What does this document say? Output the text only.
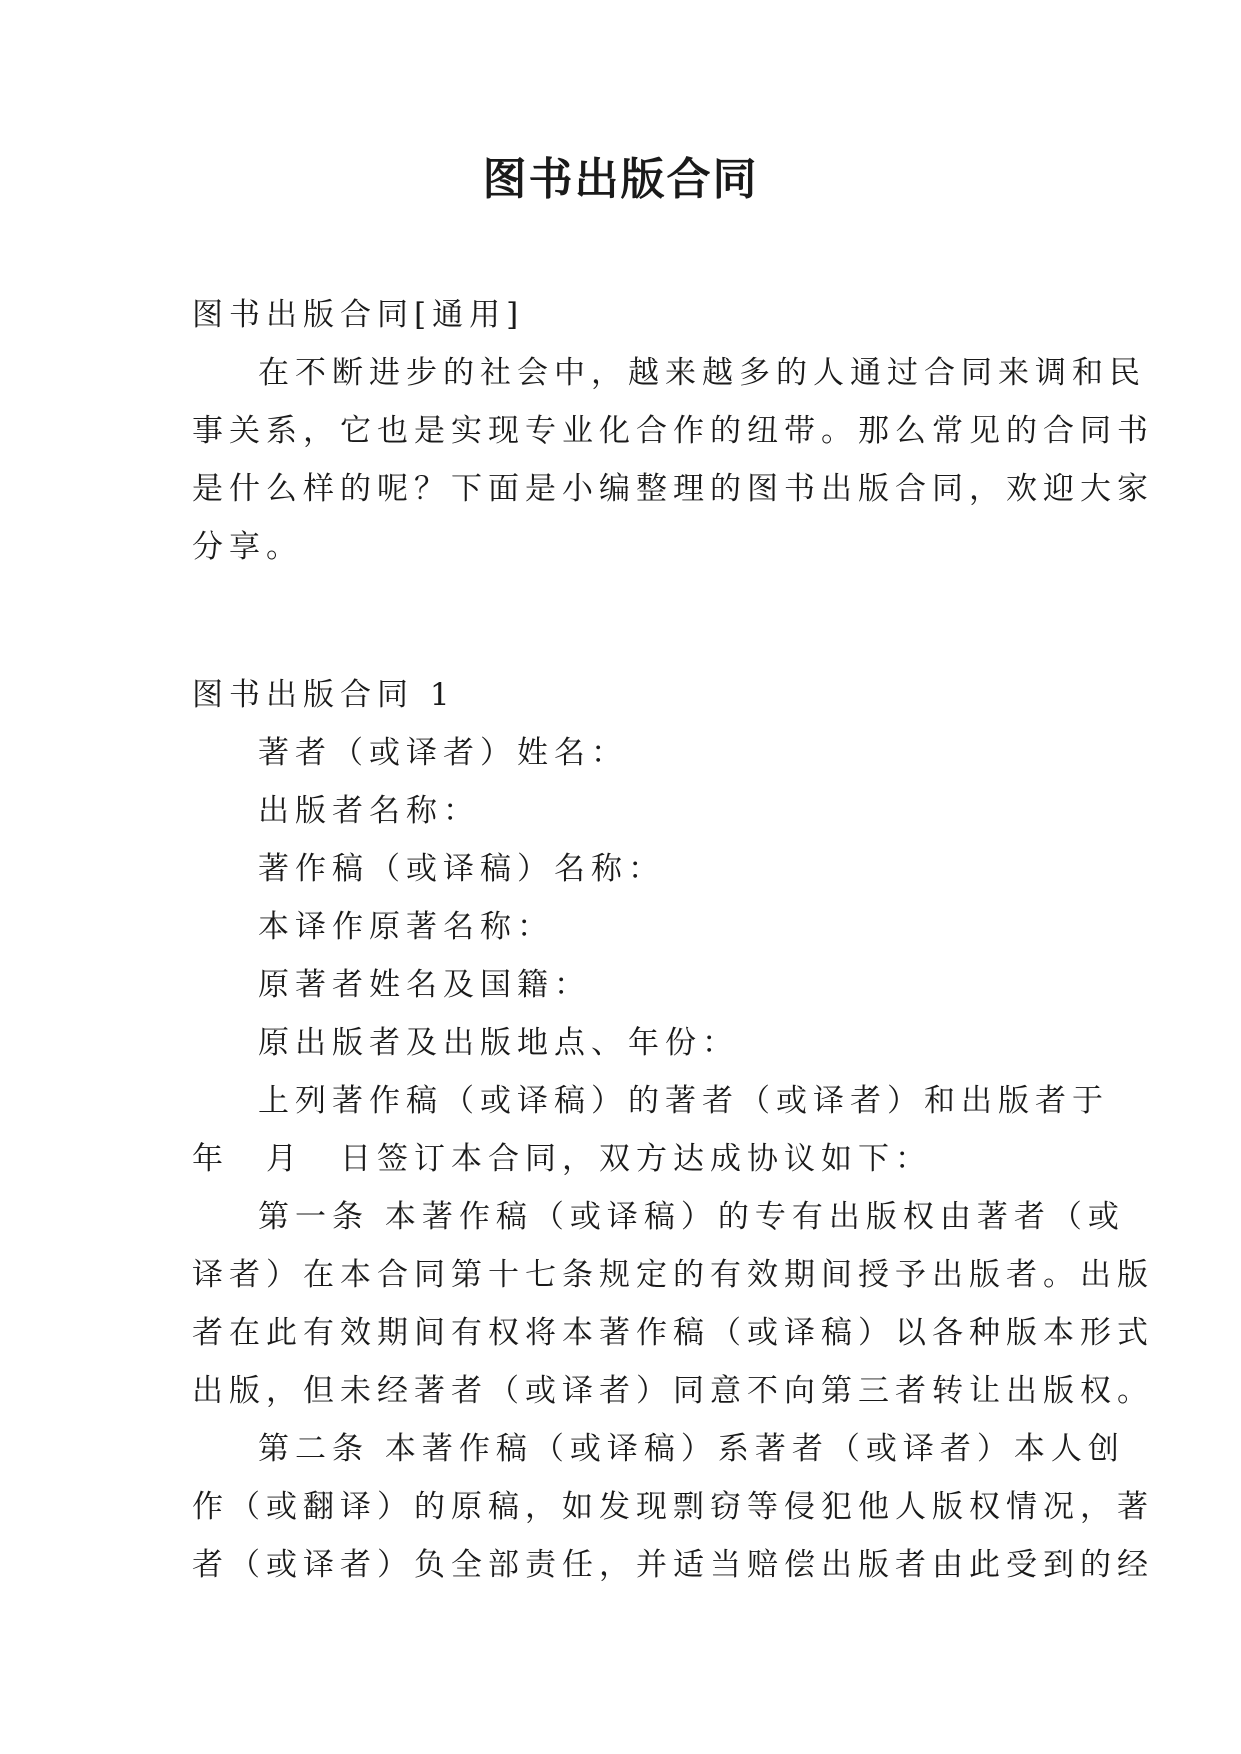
图书出版合同

图书出版合同[通用]

在不断进步的社会中，越来越多的人通过合同来调和民

事关系，它也是实现专业化合作的纽带。那么常见的合同书

是什么样的呢？下面是小编整理的图书出版合同，欢迎大家

分享。

图书出版合同 1

著者（或译者）姓名：

出版者名称：

著作稿（或译稿）名称：

本译作原著名称：

原著者姓名及国籍：

原出版者及出版地点、年份：

上列著作稿（或译稿）的著者（或译者）和出版者于

年　月　日签订本合同，双方达成协议如下：

第一条 本著作稿（或译稿）的专有出版权由著者（或

译者）在本合同第十七条规定的有效期间授予出版者。出版

者在此有效期间有权将本著作稿（或译稿）以各种版本形式

出版，但未经著者（或译者）同意不向第三者转让出版权。

第二条 本著作稿（或译稿）系著者（或译者）本人创

作（或翻译）的原稿，如发现剽窃等侵犯他人版权情况，著

者（或译者）负全部责任，并适当赔偿出版者由此受到的经
